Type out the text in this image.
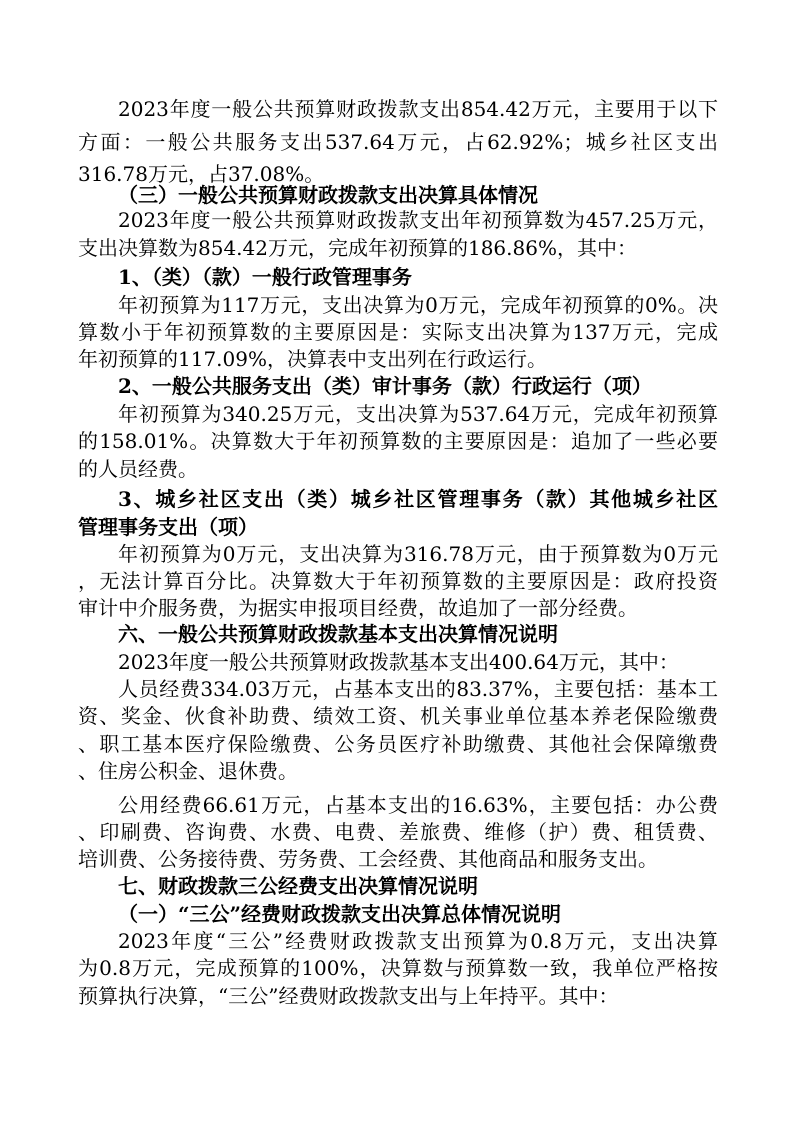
2023年度一般公共预算财政拨款支出854.42万元，主要用于以下
方面：一般公共服务支出537.64万元，占62.92%；城乡社区支出
316.78万元，占37.08%。
（三）一般公共预算财政拨款支出决算具体情况
2023年度一般公共预算财政拨款支出年初预算数为457.25万元，
支出决算数为854.42万元，完成年初预算的186.86%，其中：
1、（类）（款）一般行政管理事务
年初预算为117万元，支出决算为0万元，完成年初预算的0%。决
算数小于年初预算数的主要原因是：实际支出决算为137万元，完成
年初预算的117.09%，决算表中支出列在行政运行。
2、一般公共服务支出（类）审计事务（款）行政运行（项）
年初预算为340.25万元，支出决算为537.64万元，完成年初预算
的158.01%。决算数大于年初预算数的主要原因是：追加了一些必要
的人员经费。
3、城乡社区支出（类）城乡社区管理事务（款）其他城乡社区
管理事务支出（项）
年初预算为0万元，支出决算为316.78万元，由于预算数为0万元
，无法计算百分比。决算数大于年初预算数的主要原因是：政府投资
审计中介服务费，为据实申报项目经费，故追加了一部分经费。
六、一般公共预算财政拨款基本支出决算情况说明
2023年度一般公共预算财政拨款基本支出400.64万元，其中：
人员经费334.03万元，占基本支出的83.37%，主要包括：基本工
资、奖金、伙食补助费、绩效工资、机关事业单位基本养老保险缴费
、职工基本医疗保险缴费、公务员医疗补助缴费、其他社会保障缴费
、住房公积金、退休费。
公用经费66.61万元，占基本支出的16.63%，主要包括：办公费
、印刷费、咨询费、水费、电费、差旅费、维修（护）费、租赁费、
培训费、公务接待费、劳务费、工会经费、其他商品和服务支出。
七、财政拨款三公经费支出决算情况说明
（一）“三公”经费财政拨款支出决算总体情况说明
2023年度“三公”经费财政拨款支出预算为0.8万元，支出决算
为0.8万元，完成预算的100%，决算数与预算数一致，我单位严格按
预算执行决算，“三公”经费财政拨款支出与上年持平。其中：
